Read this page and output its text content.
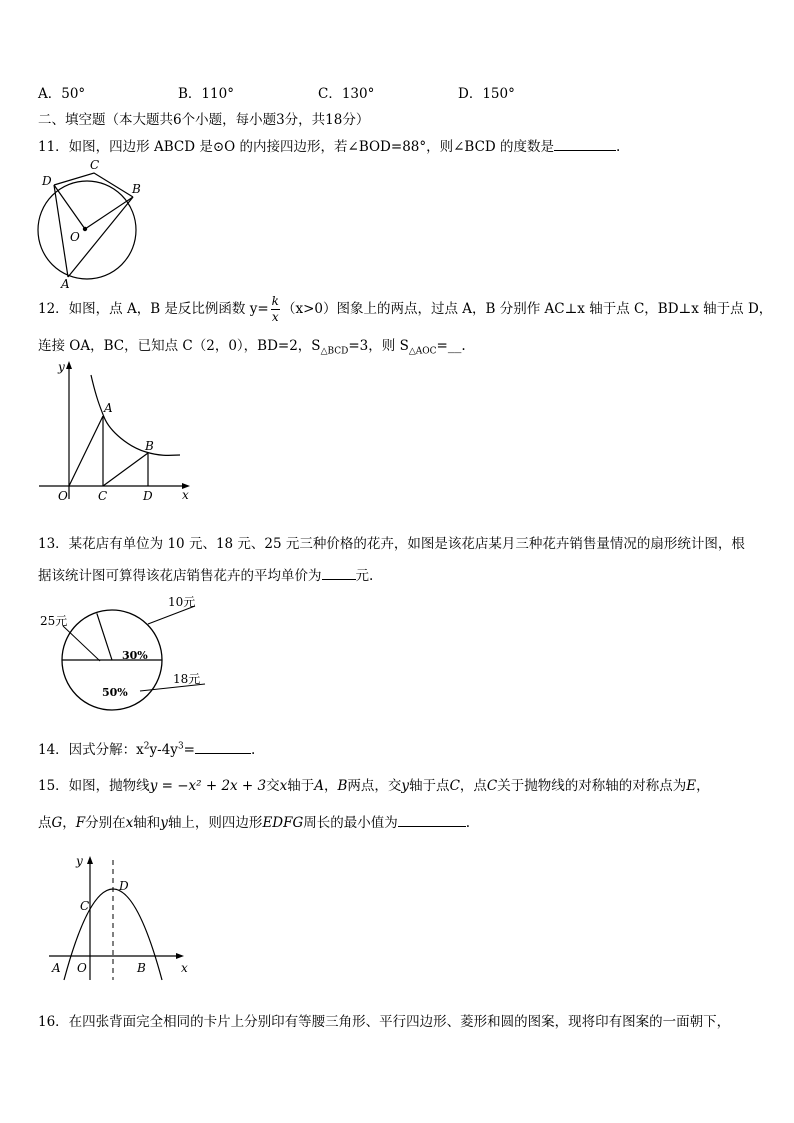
A．50°	B．110°	C．130°	D．150°
二、填空题（本大题共6个小题，每小题3分，共18分）
11．如图，四边形 ABCD 是⊙O 的内接四边形，若∠BOD=88°，则∠BCD 的度数是	.
C
D
B
O
A
12．如图，点 A，B 是反比例函数 $y= \frac{k}{x} (x>0)$图象上的两点，过点 A，B 分别作 AC⊥x 轴于点 C，BD⊥x 轴于点 D，
连接 OA，BC，已知点 C（2，0），BD=2，$S_{\triangle BCD}=3$，则 $S_{\triangle AOC}=\_\_$.
y
A
B
O	C	D x
13．某花店有单位为 10 元、18 元、25 元三种价格的花卉，如图是该花店某月三种花卉销售量情况的扇形统计图，根
据该统计图可算得该花店销售花卉的平均单价为	元.
10元
25元
18元
30%
50%
14．因式分解：$x^2y-4y^3=$	.
15．如图，抛物线y = −x² + 2x + 3交x轴于A，B两点，交y轴于点C，点C关于抛物线的对称轴的对称点为E，
点G，F分别在x轴和y轴上，则四边形EDFG周长的最小值为	.
y
D
C
A O	B	x
16．在四张背面完全相同的卡片上分别印有等腰三角形、平行四边形、菱形和圆的图案，现将印有图案的一面朝下，
